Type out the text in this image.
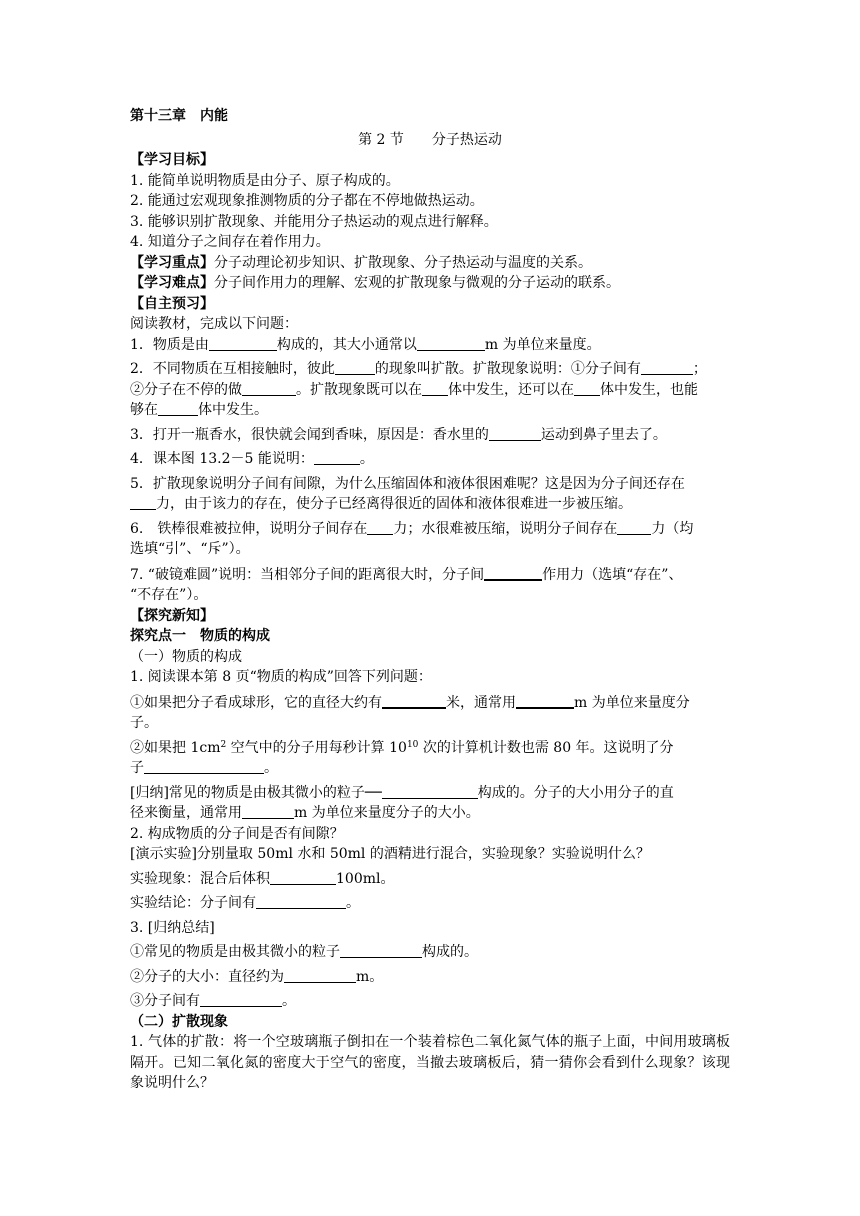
第十三章　内能

第 2 节　　分子热运动

【学习目标】

1. 能简单说明物质是由分子、原子构成的。

2. 能通过宏观现象推测物质的分子都在不停地做热运动。

3. 能够识别扩散现象、并能用分子热运动的观点进行解释。

4. 知道分子之间存在着作用力。

【学习重点】分子动理论初步知识、扩散现象、分子热运动与温度的关系。

【学习难点】分子间作用力的理解、宏观的扩散现象与微观的分子运动的联系。

【自主预习】

阅读教材，完成以下问题：

1．物质是由	构成的，其大小通常以	m 为单位来量度。

2．不同物质在互相接触时，彼此	的现象叫扩散。扩散现象说明：①分子间有	；

②分子在不停的做	。扩散现象既可以在 体中发生，还可以在 体中发生，也能

够在	体中发生。

3．打开一瓶香水，很快就会闻到香味，原因是：香水里的	运动到鼻子里去了。

4．课本图 13.2－5 能说明：	。

5．扩散现象说明分子间有间隙，为什么压缩固体和液体很困难呢？这是因为分子间还存在

力，由于该力的存在，使分子已经离得很近的固体和液体很难进一步被压缩。

6.　铁棒很难被拉伸，说明分子间存在 力；水很难被压缩，说明分子间存在 力（均

选填“引”、“斥”）。

7. “破镜难圆”说明：当相邻分子间的距离很大时，分子间	作用力（选填“存在”、

“不存在”）。

【探究新知】

探究点一　物质的构成

（一）物质的构成

1. 阅读课本第 8 页“物质的构成”回答下列问题：

①如果把分子看成球形，它的直径大约有	米，通常用	m 为单位来量度分

子。

②如果把 $1cm^2$ 空气中的分子用每秒计算 $10^{10}$ 次的计算机计数也需 80 年。这说明了分

子	。

[归纳]常见的物质是由极其微小的粒子──	构成的。分子的大小用分子的直

径来衡量，通常用	m 为单位来量度分子的大小。

2. 构成物质的分子间是否有间隙？

[演示实验]分别量取 50ml 水和 50ml 的酒精进行混合，实验现象？实验说明什么？

实验现象：混合后体积	100ml。

实验结论：分子间有	。

3. [归纳总结]

①常见的物质是由极其微小的粒子	构成的。

②分子的大小：直径约为	m。

③分子间有	。

（二）扩散现象

1. 气体的扩散：将一个空玻璃瓶子倒扣在一个装着棕色二氧化氮气体的瓶子上面，中间用玻璃板隔开。已知二氧化氮的密度大于空气的密度，当撤去玻璃板后，猜一猜你会看到什么现象？该现象说明什么？
